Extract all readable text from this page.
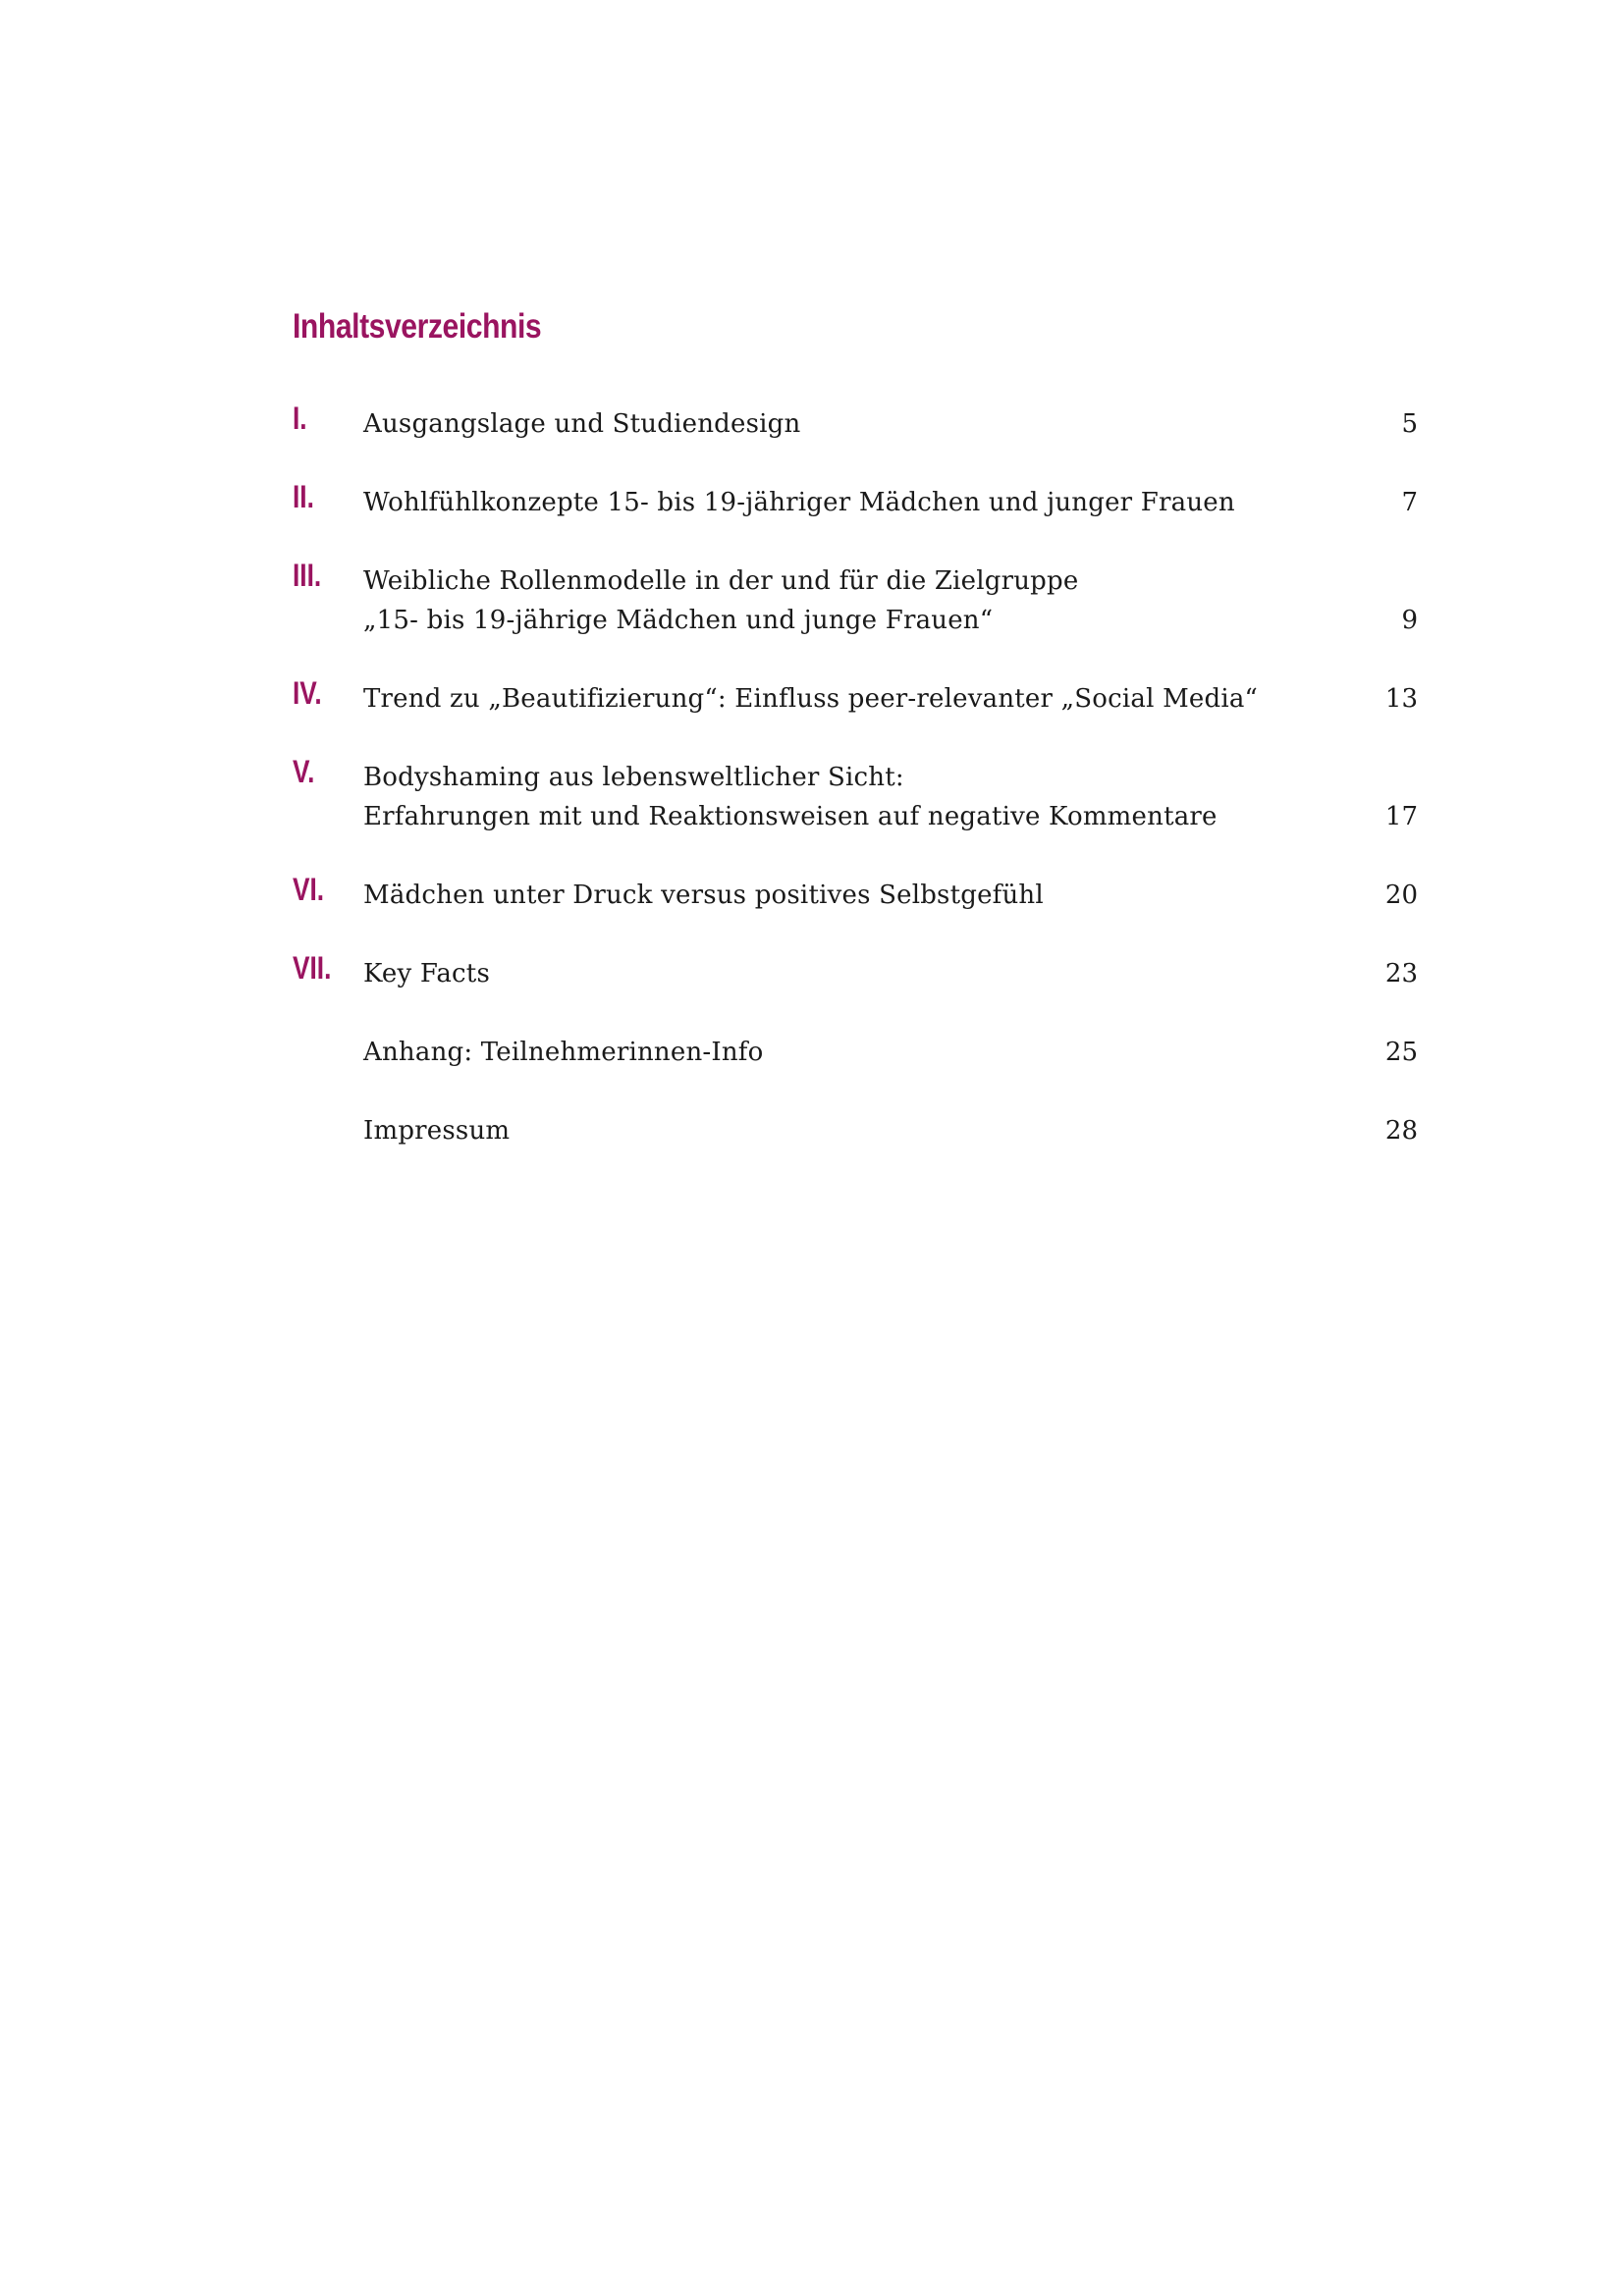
Inhaltsverzeichnis
I. Ausgangslage und Studiendesign	5
II. Wohlfühlkonzepte 15- bis 19-jähriger Mädchen und junger Frauen	7
III. Weibliche Rollenmodelle in der und für die Zielgruppe
„15- bis 19-jährige Mädchen und junge Frauen“	9
IV. Trend zu „Beautifizierung“: Einfluss peer-relevanter „Social Media“	13
V. Bodyshaming aus lebensweltlicher Sicht:
Erfahrungen mit und Reaktionsweisen auf negative Kommentare	17
VI. Mädchen unter Druck versus positives Selbstgefühl	20
VII. Key Facts	23
Anhang: Teilnehmerinnen-Info	25
Impressum	28
